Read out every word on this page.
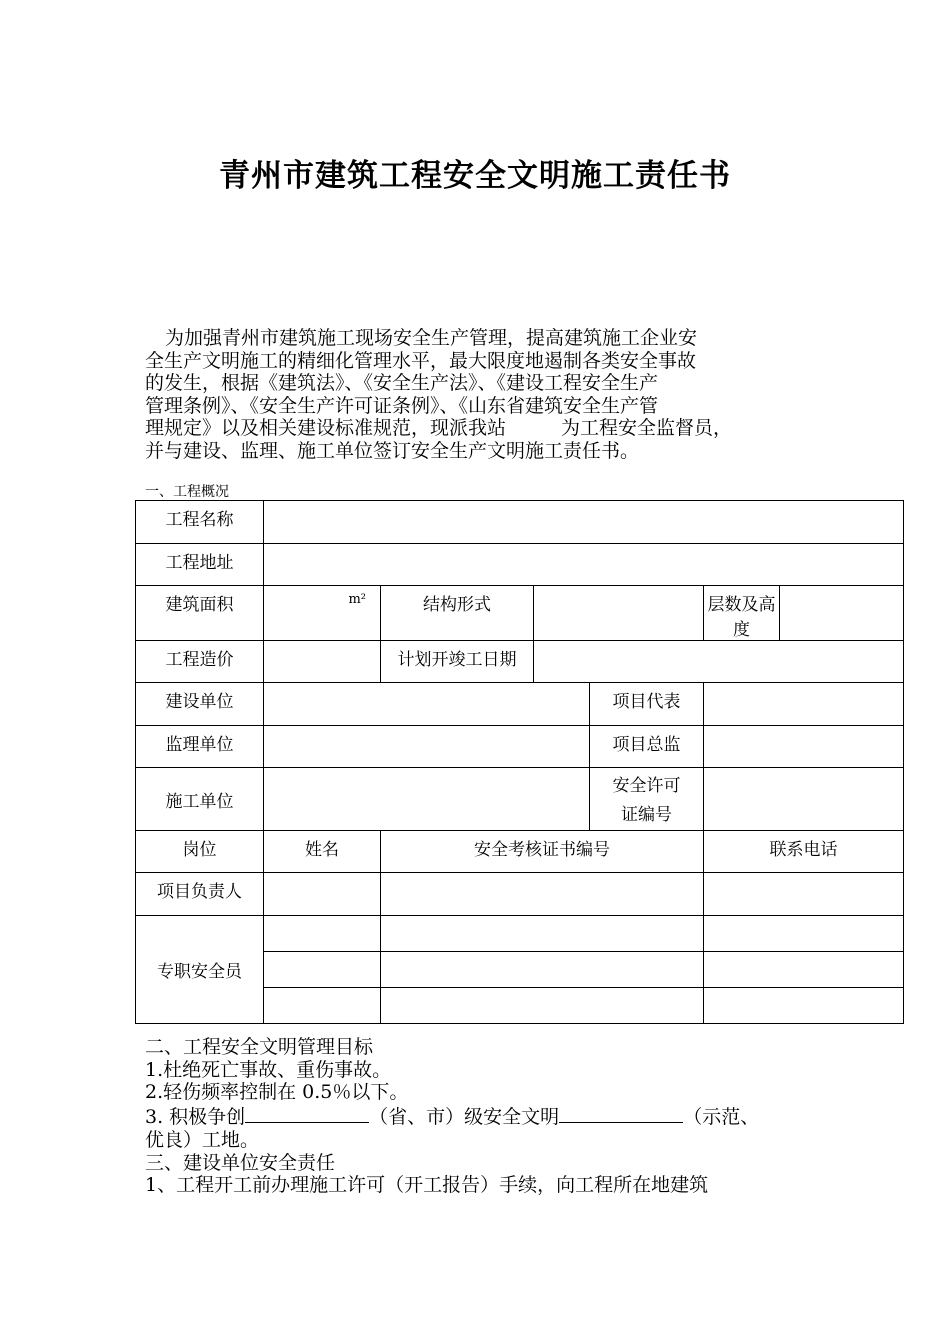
青州市建筑工程安全文明施工责任书

为加强青州市建筑施工现场安全生产管理，提高建筑施工企业安

全生产文明施工的精细化管理水平，最大限度地遏制各类安全事故

的发生，根据《建筑法》、《安全生产法》、《建设工程安全生产

管理条例》、《安全生产许可证条例》、《山东省建筑安全生产管

理规定》以及相关建设标准规范，现派我站	为工程安全监督员，

并与建设、监理、施工单位签订安全生产文明施工责任书。

一、工程概况
工程名称						
工程地址						
建筑面积	m²	结构形式			层数及高度	
工程造价		计划开竣工日期				
建设单位				项目代表		
监理单位				项目总监		
施工单位				安全许可
证编号		

岗位	姓名	安全考核证书编号			联系电话	
项目负责人						
专职安全员						

二、工程安全文明管理目标

1.杜绝死亡事故、重伤事故。

2.轻伤频率控制在 0.5％以下。

3. 积极争创	（省、市）级安全文明	（示范、

优良）工地。

三、建设单位安全责任

1、工程开工前办理施工许可（开工报告）手续，向工程所在地建筑
